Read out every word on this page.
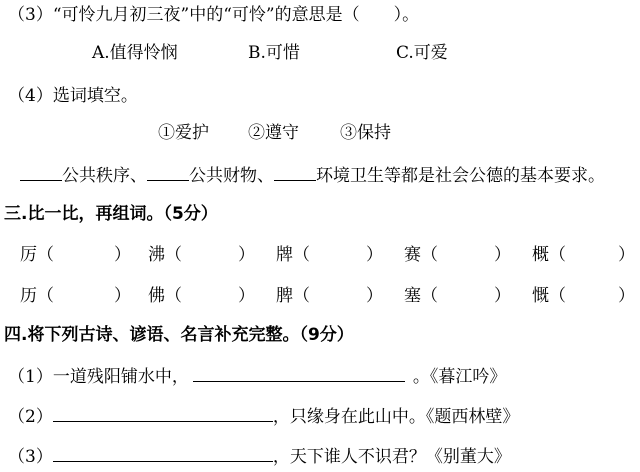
（3）“可怜九月初三夜”中的“可怜”的意思是（　　）。
A.值得怜悯	B.可惜	C.可爱
（4）选词填空。
①爱护 ②遵守 ③保持
公共秩序、 公共财物、 环境卫生等都是社会公德的基本要求。
三.比一比，再组词。（5分）
厉（	） 沸（	） 牌（	） 赛（	） 概（	）
历（	） 佛（	） 脾（	） 塞（	） 慨（	）
四.将下列古诗、谚语、名言补充完整。（9分）
（1）一道残阳铺水中，	。《暮江吟》
（2）	，只缘身在此山中。《题西林壁》
（3）	，天下谁人不识君？《别董大》
